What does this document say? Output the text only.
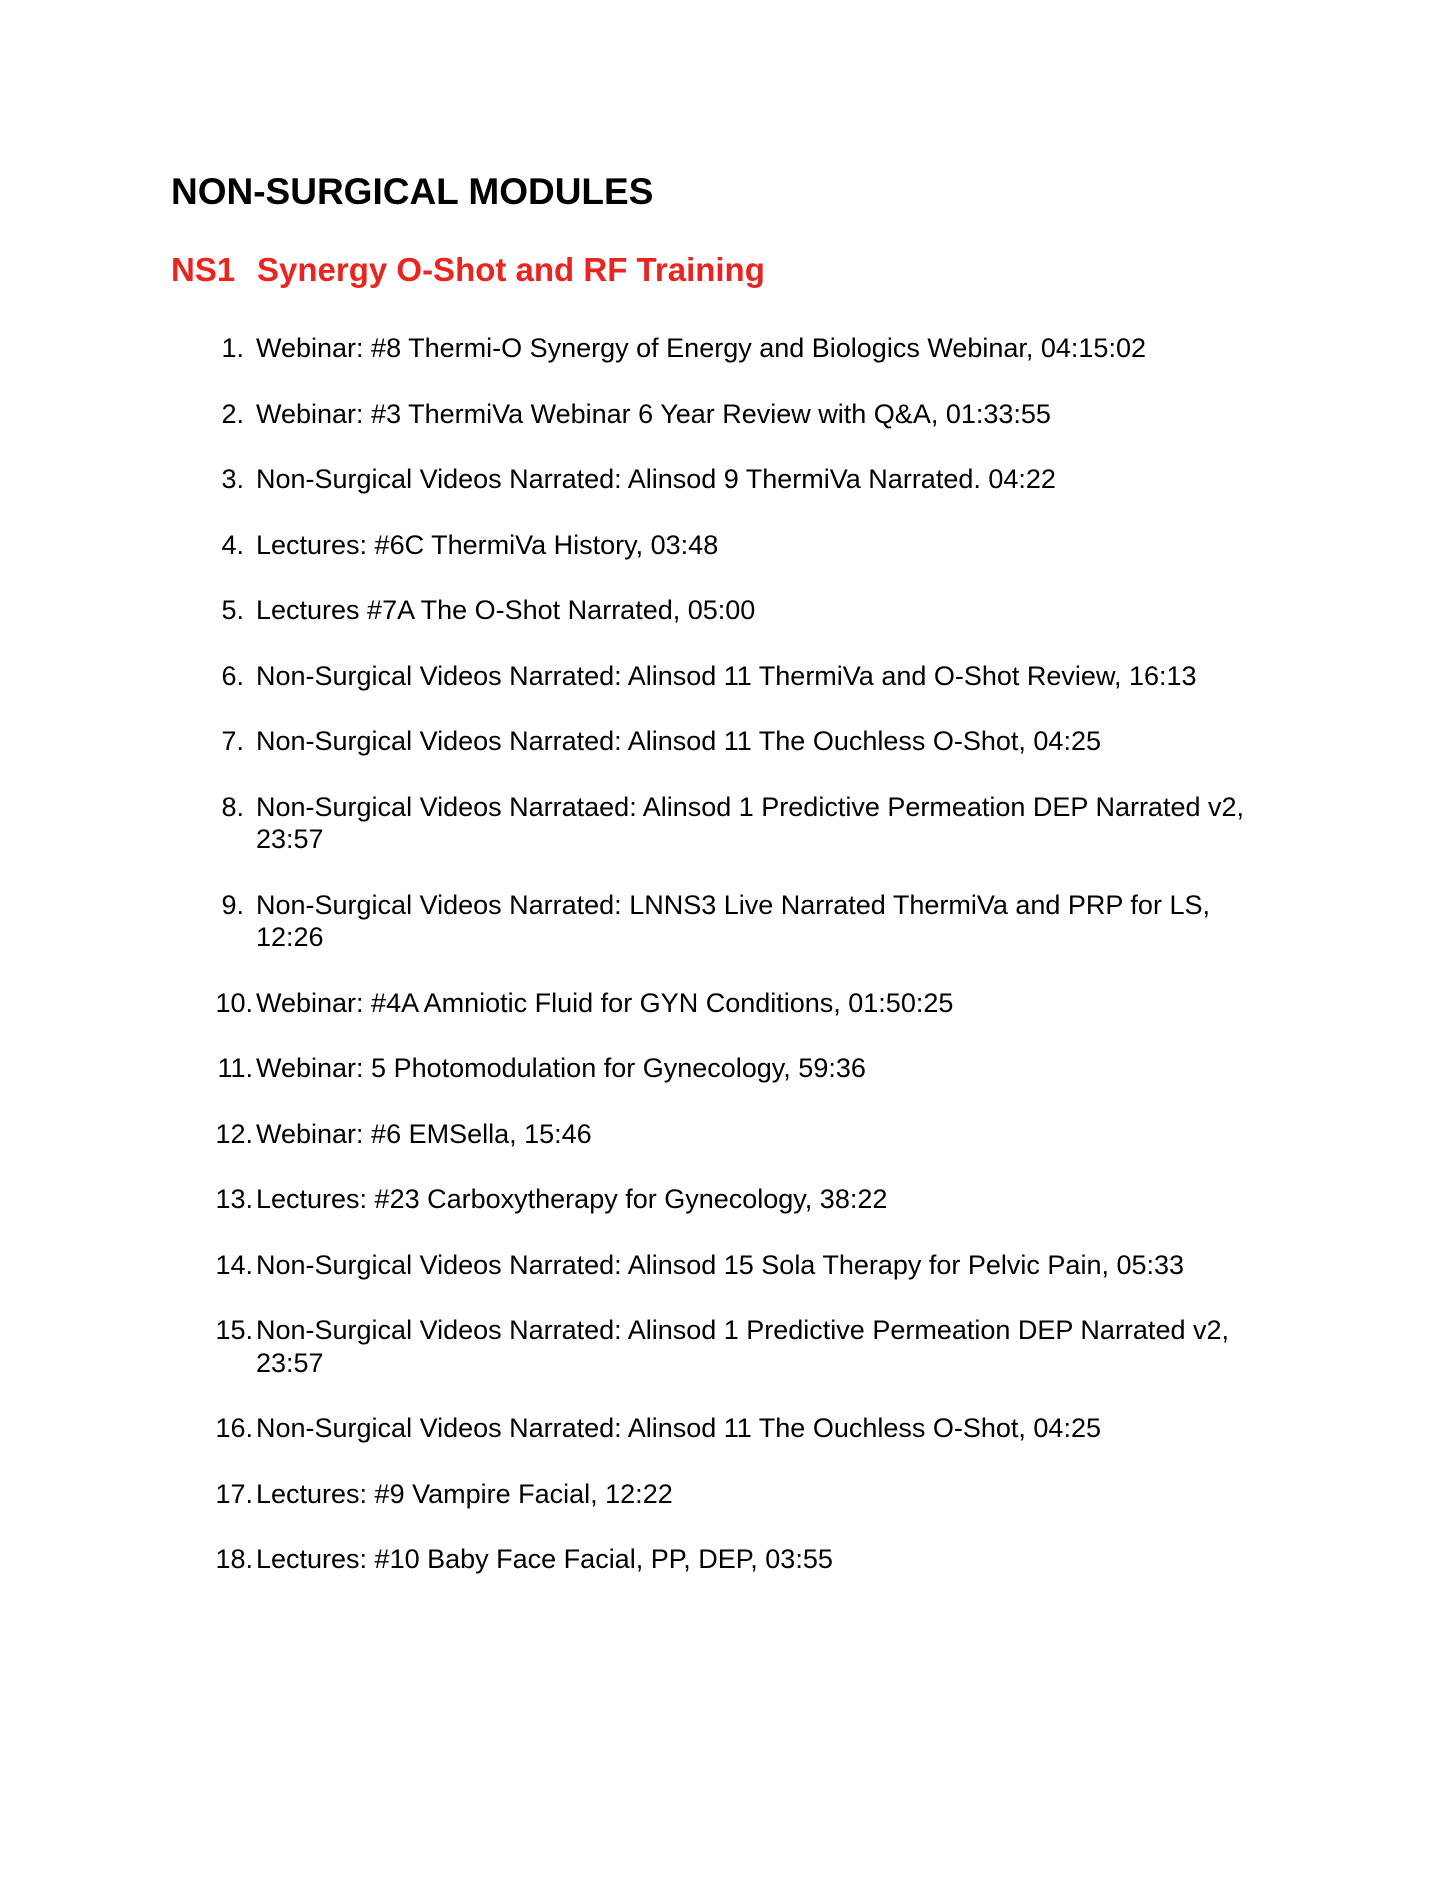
NON-SURGICAL MODULES
NS1 Synergy O-Shot and RF Training
1. Webinar: #8 Thermi-O Synergy of Energy and Biologics Webinar, 04:15:02
2. Webinar: #3 ThermiVa Webinar 6 Year Review with Q&A, 01:33:55
3. Non-Surgical Videos Narrated: Alinsod 9 ThermiVa Narrated. 04:22
4. Lectures: #6C ThermiVa History, 03:48
5. Lectures #7A The O-Shot Narrated, 05:00
6. Non-Surgical Videos Narrated: Alinsod 11 ThermiVa and O-Shot Review, 16:13
7. Non-Surgical Videos Narrated: Alinsod 11 The Ouchless O-Shot, 04:25
8. Non-Surgical Videos Narrataed: Alinsod 1 Predictive Permeation DEP Narrated v2, 23:57
9. Non-Surgical Videos Narrated: LNNS3 Live Narrated ThermiVa and PRP for LS, 12:26
10. Webinar: #4A Amniotic Fluid for GYN Conditions, 01:50:25
11. Webinar: 5 Photomodulation for Gynecology, 59:36
12. Webinar: #6 EMSella, 15:46
13. Lectures: #23 Carboxytherapy for Gynecology, 38:22
14. Non-Surgical Videos Narrated: Alinsod 15 Sola Therapy for Pelvic Pain, 05:33
15. Non-Surgical Videos Narrated: Alinsod 1 Predictive Permeation DEP Narrated v2, 23:57
16. Non-Surgical Videos Narrated: Alinsod 11 The Ouchless O-Shot, 04:25
17. Lectures: #9 Vampire Facial, 12:22
18. Lectures: #10 Baby Face Facial, PP, DEP, 03:55
